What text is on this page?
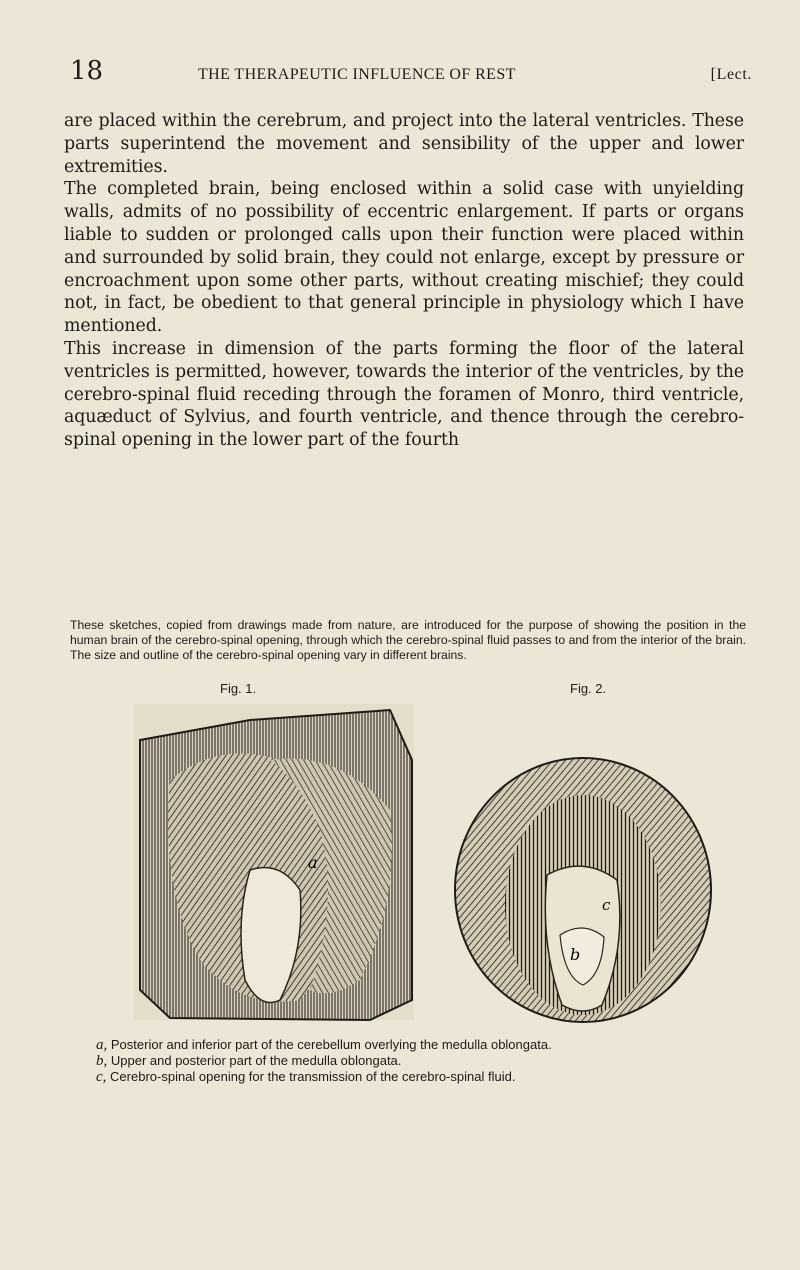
18	THE THERAPEUTIC INFLUENCE OF REST	[Lect.

are placed within the cerebrum, and project into the lateral ventricles. These parts superintend the movement and sensibility of the upper and lower extremities.

The completed brain, being enclosed within a solid case with unyielding walls, admits of no possibility of eccentric enlargement. If parts or organs liable to sudden or prolonged calls upon their function were placed within and surrounded by solid brain, they could not enlarge, except by pressure or encroachment upon some other parts, without creating mischief; they could not, in fact, be obedient to that general principle in physiology which I have mentioned.

This increase in dimension of the parts forming the floor of the lateral ventricles is permitted, however, towards the interior of the ventricles, by the cerebro-spinal fluid receding through the foramen of Monro, third ventricle, aquæduct of Sylvius, and fourth ventricle, and thence through the cerebro-spinal opening in the lower part of the fourth

These sketches, copied from drawings made from nature, are introduced for the purpose of showing the position in the human brain of the cerebro-spinal opening, through which the cerebro-spinal fluid passes to and from the interior of the brain. The size and outline of the cerebro-spinal opening vary in different brains.
Fig. 1.	Fig. 2.
a
c
b
a, Posterior and inferior part of the cerebellum overlying the medulla oblongata.
b, Upper and posterior part of the medulla oblongata.
c, Cerebro-spinal opening for the transmission of the cerebro-spinal fluid.
